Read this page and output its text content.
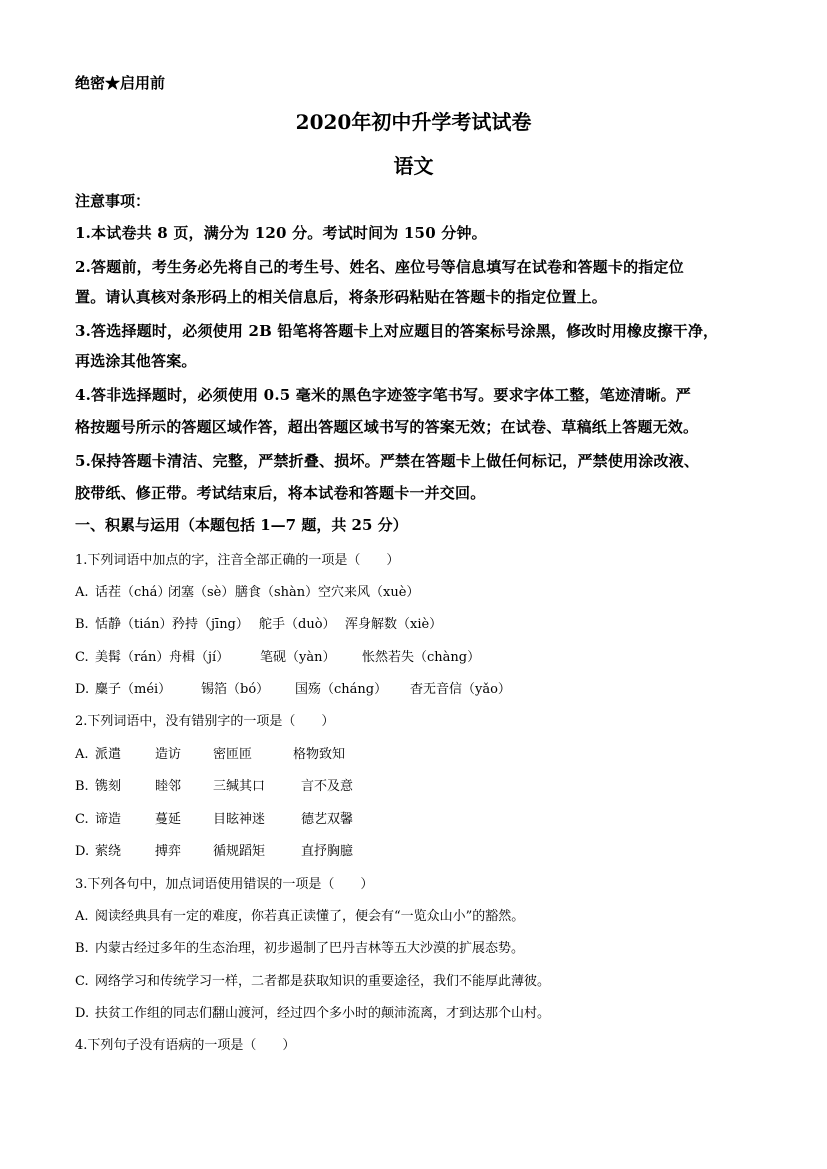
绝密★启用前
2020年初中升学考试试卷
语文
注意事项：
1.本试卷共 8 页，满分为 120 分。考试时间为 150 分钟。
2.答题前，考生务必先将自己的考生号、姓名、座位号等信息填写在试卷和答题卡的指定位
置。请认真核对条形码上的相关信息后，将条形码粘贴在答题卡的指定位置上。
3.答选择题时，必须使用 2B 铅笔将答题卡上对应题目的答案标号涂黑，修改时用橡皮擦干净，
再选涂其他答案。
4.答非选择题时，必须使用 0.5 毫米的黑色字迹签字笔书写。要求字体工整，笔迹清晰。严
格按题号所示的答题区域作答，超出答题区域书写的答案无效；在试卷、草稿纸上答题无效。
5.保持答题卡清洁、完整，严禁折叠、损坏。严禁在答题卡上做任何标记，严禁使用涂改液、
胶带纸、修正带。考试结束后，将本试卷和答题卡一并交回。
一、积累与运用（本题包括 1—7 题，共 25 分）
1.下列词语中加点的字，注音全部正确的一项是（　　）
A. 话茬（chá）闭塞（sè）膳食（shàn）空穴来风（xuè）
B. 恬静（tián）矜持（jīng） 舵手（duò） 浑身解数（xiè）
C. 美髯（rán）舟楫（jí） 笔砚（yàn） 怅然若失（chàng）
D. 麋子（méi） 锡箔（bó） 国殇（cháng） 杳无音信（yǎo）
2.下列词语中，没有错别字的一项是（　　）
A. 派遣	造访 密匝匝	格物致知
B. 镌刻	睦邻 三缄其口	言不及意
C. 谛造	蔓延 目眩神迷	德艺双馨
D. 萦绕	搏弈 循规蹈矩	直抒胸臆
3.下列各句中，加点词语使用错误的一项是（　　）
A. 阅读经典具有一定的难度，你若真正读懂了，便会有“一览众山小”的豁然。
B. 内蒙古经过多年的生态治理，初步遏制了巴丹吉林等五大沙漠的扩展态势。
C. 网络学习和传统学习一样，二者都是获取知识的重要途径，我们不能厚此薄彼。
D. 扶贫工作组的同志们翻山渡河，经过四个多小时的颠沛流离，才到达那个山村。
4.下列句子没有语病的一项是（　　）
